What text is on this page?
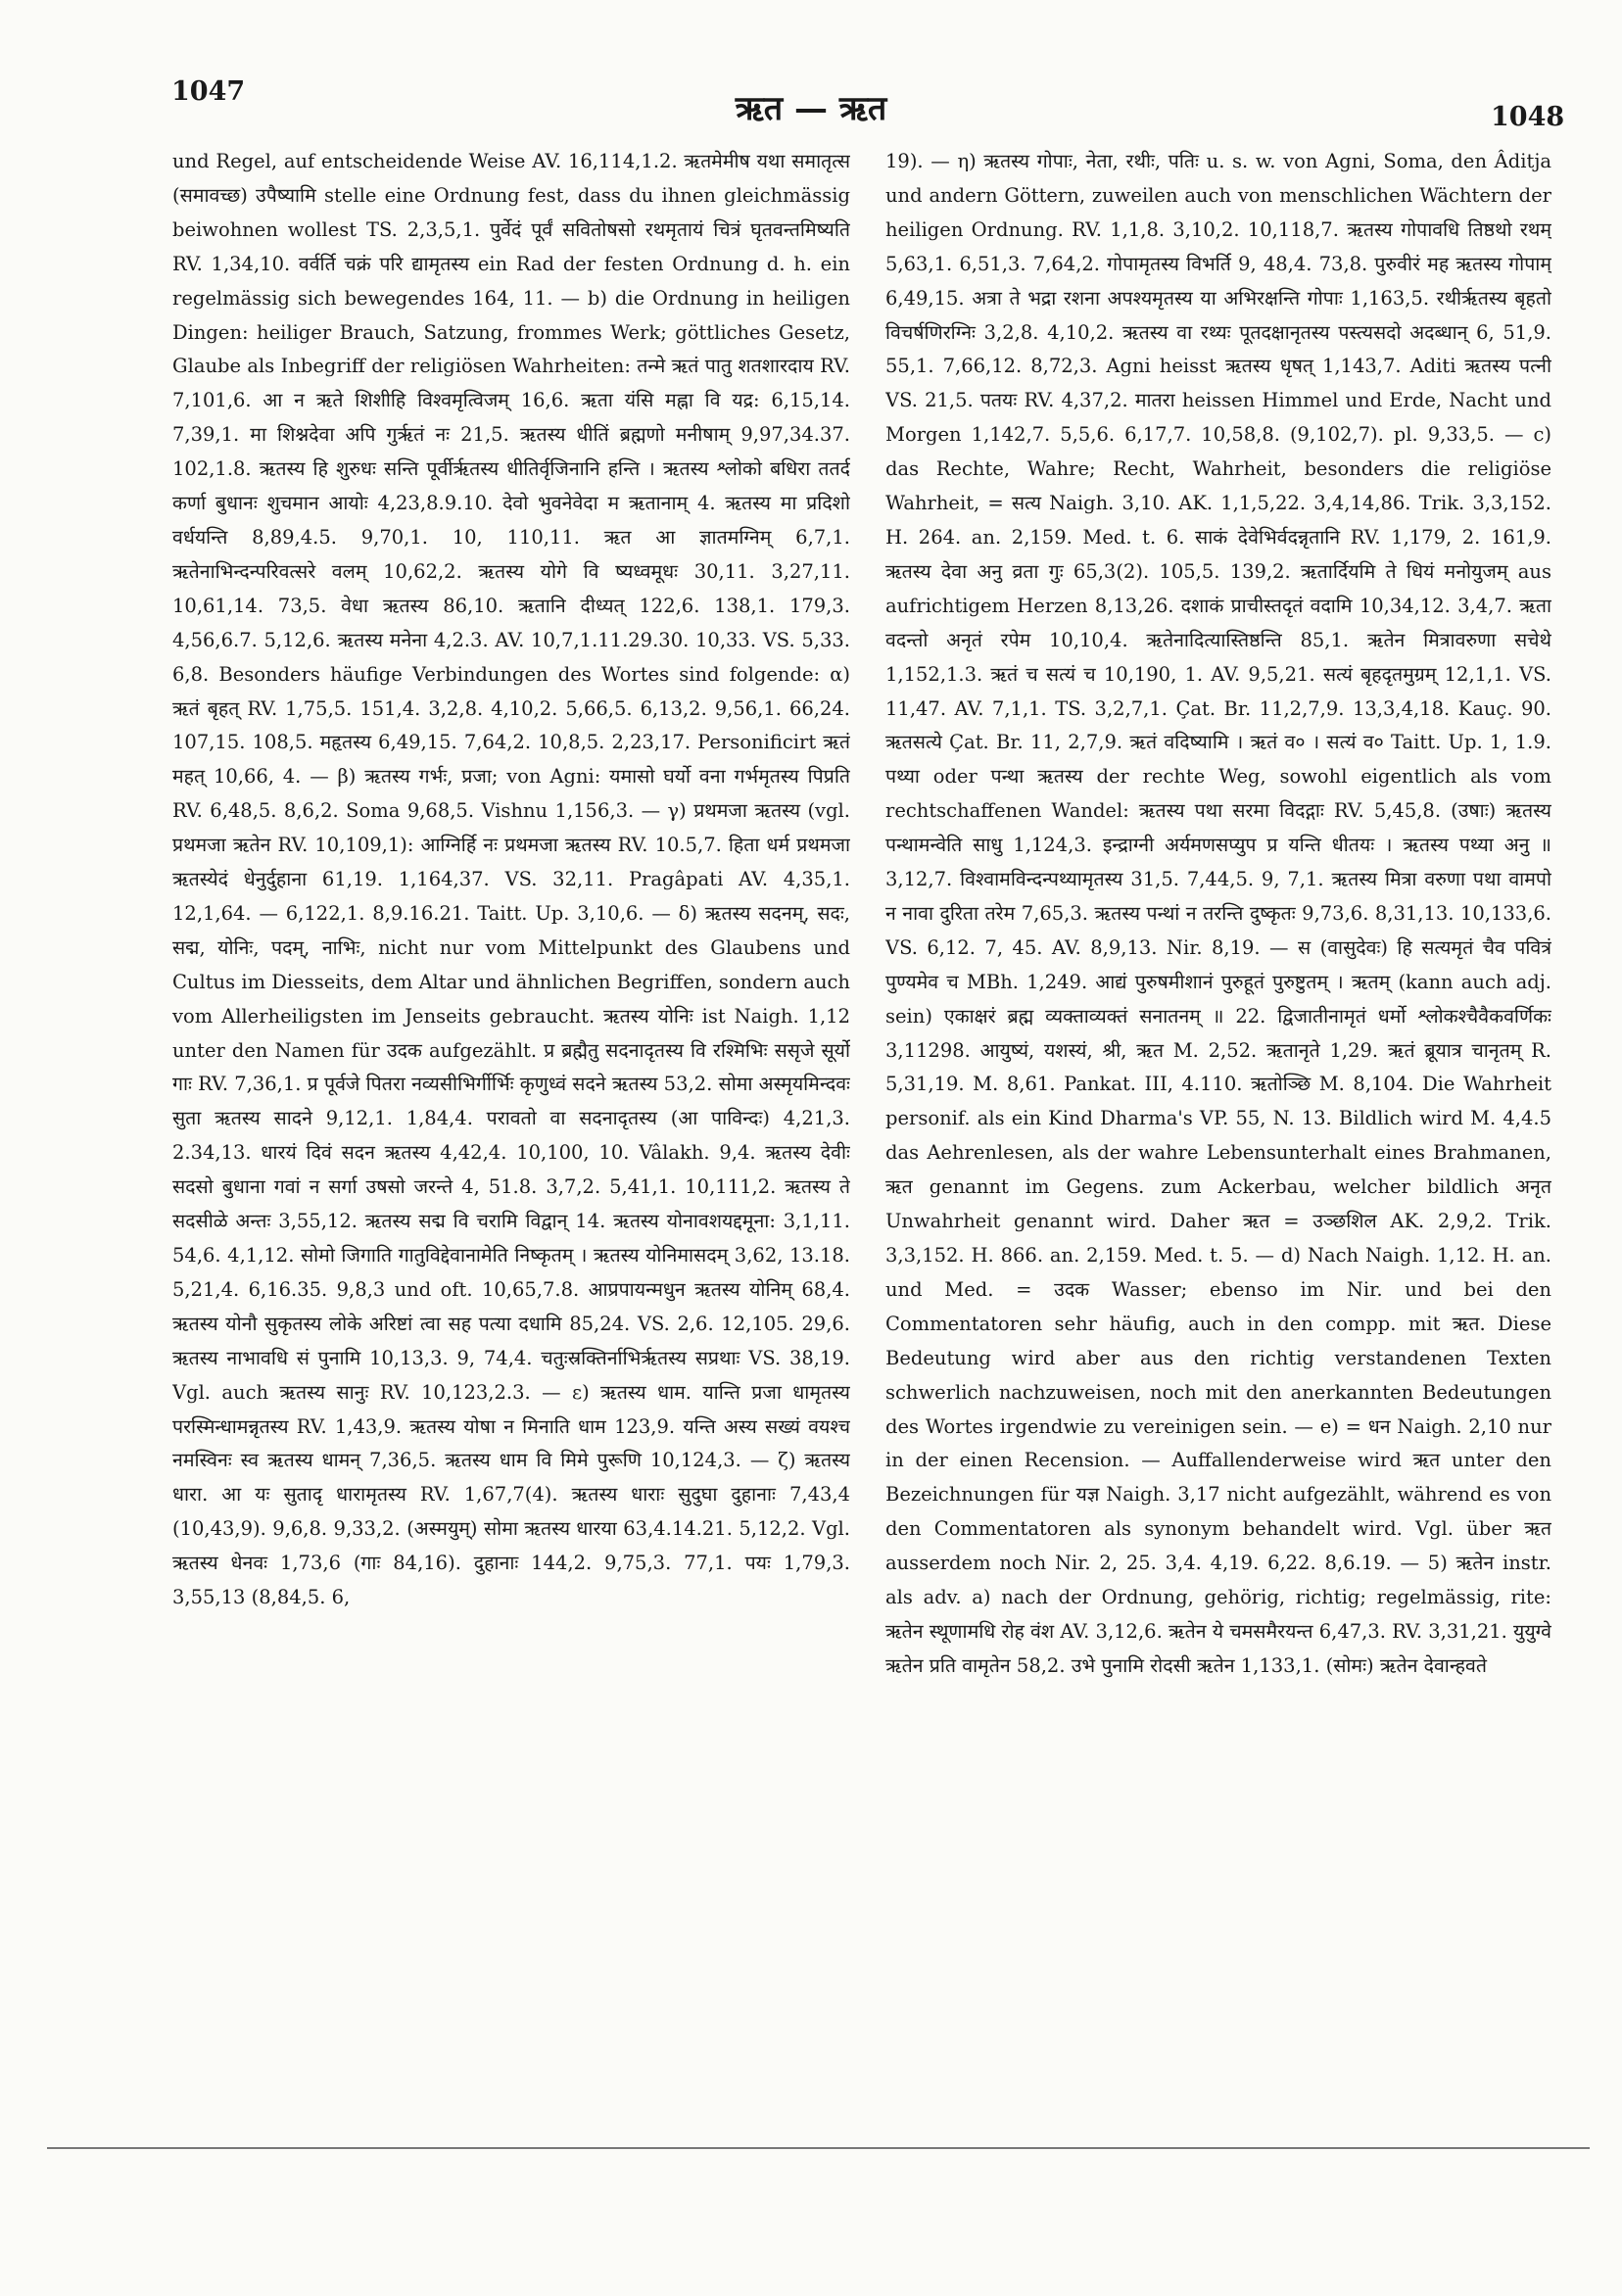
1047	ऋत — ऋत	1048

und Regel, auf entscheidende Weise AV. 16,114,1.2. ऋतमेमीष यथा समातृत्स (समावच्छ) उपैष्यामि stelle eine Ordnung fest, dass du ihnen gleichmässig beiwohnen wollest TS. 2,3,5,1. पुर्वेदं पूर्वं सवितोषसो रथमृतायं चित्रं घृतवन्तमिष्यति RV. 1,34,10. वर्वर्ति चक्रं परि द्यामृतस्य ein Rad der festen Ordnung d. h. ein regelmässig sich bewegendes 164, 11. — b) die Ordnung in heiligen Dingen: heiliger Brauch, Satzung, frommes Werk; göttliches Gesetz, Glaube als Inbegriff der religiösen Wahrheiten: तन्मे ऋतं पातु शतशारदाय RV. 7,101,6. आ न ऋते शिशीहि विश्वमृत्विजम् 16,6. ऋता यंसि मह्ना वि यद्र: 6,15,14. 7,39,1. मा शिश्नदेवा अपि गुर्ऋतं नः 21,5. ऋतस्य धीतिं ब्रह्मणो मनीषाम् 9,97,34.37. 102,1.8. ऋतस्य हि शुरुधः सन्ति पूर्वीर्ऋतस्य धीतिर्वृजिनानि हन्ति । ऋतस्य श्लोको बधिरा ततर्द कर्णा बुधानः शुचमान आयोः 4,23,8.9.10. देवो भुवनेवेदा म ऋतानाम् 4. ऋतस्य मा प्रदिशो वर्धयन्ति 8,89,4.5. 9,70,1. 10, 110,11. ऋत आ ज्ञातमग्निम् 6,7,1. ऋतेनाभिन्दन्परिवत्सरे वलम् 10,62,2. ऋतस्य योगे वि ष्यध्वमूधः 30,11. 3,27,11. 10,61,14. 73,5. वेधा ऋतस्य 86,10. ऋतानि दीध्यत् 122,6. 138,1. 179,3. 4,56,6.7. 5,12,6. ऋतस्य मनेना 4,2.3. AV. 10,7,1.11.29.30. 10,33. VS. 5,33. 6,8. Besonders häufige Verbindungen des Wortes sind folgende: α) ऋतं बृहत् RV. 1,75,5. 151,4. 3,2,8. 4,10,2. 5,66,5. 6,13,2. 9,56,1. 66,24. 107,15. 108,5. महृतस्य 6,49,15. 7,64,2. 10,8,5. 2,23,17. Personificirt ऋतं महत् 10,66, 4. — β) ऋतस्य गर्भः, प्रजा; von Agni: यमासो घर्यो वना गर्भमृतस्य पिप्रति RV. 6,48,5. 8,6,2. Soma 9,68,5. Vishnu 1,156,3. — γ) प्रथमजा ऋतस्य (vgl. प्रथमजा ऋतेन RV. 10,109,1): आग्निर्हि नः प्रथमजा ऋतस्य RV. 10.5,7. हिता धर्म प्रथमजा ऋतस्येदं धेनुर्दुहाना 61,19. 1,164,37. VS. 32,11. Pragâpati AV. 4,35,1. 12,1,64. — 6,122,1. 8,9.16.21. Taitt. Up. 3,10,6. — δ) ऋतस्य सदनम्, सदः, सद्म, योनिः, पदम्, नाभिः, nicht nur vom Mittelpunkt des Glaubens und Cultus im Diesseits, dem Altar und ähnlichen Begriffen, sondern auch vom Allerheiligsten im Jenseits gebraucht. ऋतस्य योनिः ist Naigh. 1,12 unter den Namen für उदक aufgezählt. प्र ब्रह्मैतु सदनादृतस्य वि रश्मिभिः ससृजे सूर्यो गाः RV. 7,36,1. प्र पूर्वजे पितरा नव्यसीभिर्गीर्भिः कृणुध्वं सदने ऋतस्य 53,2. सोमा अस्मृयमिन्दवः सुता ऋतस्य सादने 9,12,1. 1,84,4. परावतो वा सदनादृतस्य (आ पाविन्दः) 4,21,3. 2.34,13. धारयं दिवं सदन ऋतस्य 4,42,4. 10,100, 10. Vâlakh. 9,4. ऋतस्य देवीः सदसो बुधाना गवां न सर्गा उषसो जरन्ते 4, 51.8. 3,7,2. 5,41,1. 10,111,2. ऋतस्य ते सदसीळे अन्तः 3,55,12. ऋतस्य सद्म वि चरामि विद्वान् 14. ऋतस्य योनावशयद्दमूना: 3,1,11. 54,6. 4,1,12. सोमो जिगाति गातुविद्देवानामेति निष्कृतम् । ऋतस्य योनिमासदम् 3,62, 13.18. 5,21,4. 6,16.35. 9,8,3 und oft. 10,65,7.8. आप्रपायन्मधुन ऋतस्य योनिम् 68,4. ऋतस्य योनौ सुकृतस्य लोके अरिष्टां त्वा सह पत्या दधामि 85,24. VS. 2,6. 12,105. 29,6. ऋतस्य नाभावधि सं पुनामि 10,13,3. 9, 74,4. चतुःस्रक्तिर्नाभिर्ऋतस्य सप्रथाः VS. 38,19. Vgl. auch ऋतस्य सानुः RV. 10,123,2.3. — ε) ऋतस्य धाम. यान्ति प्रजा धामृतस्य परस्मिन्धामन्नृतस्य RV. 1,43,9. ऋतस्य योषा न मिनाति धाम 123,9. यन्ति अस्य सख्यं वयश्च नमस्विनः स्व ऋतस्य धामन् 7,36,5. ऋतस्य धाम वि मिमे पुरूणि 10,124,3. — ζ) ऋतस्य धारा. आ यः सुतादृ धारामृतस्य RV. 1,67,7(4). ऋतस्य धाराः सुदुघा दुहानाः 7,43,4 (10,43,9). 9,6,8. 9,33,2. (अस्मयुम्) सोमा ऋतस्य धारया 63,4.14.21. 5,12,2. Vgl. ऋतस्य धेनवः 1,73,6 (गाः 84,16). दुहानाः 144,2. 9,75,3. 77,1. पयः 1,79,3. 3,55,13 (8,84,5. 6,

19). — η) ऋतस्य गोपाः, नेता, रथीः, पतिः u. s. w. von Agni, Soma, den Âditja und andern Göttern, zuweilen auch von menschlichen Wächtern der heiligen Ordnung. RV. 1,1,8. 3,10,2. 10,118,7. ऋतस्य गोपावधि तिष्ठथो रथम् 5,63,1. 6,51,3. 7,64,2. गोपामृतस्य विभर्ति 9, 48,4. 73,8. पुरुवीरं मह ऋतस्य गोपाम् 6,49,15. अत्रा ते भद्रा रशना अपश्यमृतस्य या अभिरक्षन्ति गोपाः 1,163,5. रथीर्ऋतस्य बृहतो विचर्षणिरग्निः 3,2,8. 4,10,2. ऋतस्य वा रथ्यः पूतदक्षानृतस्य पस्त्यसदो अदब्धान् 6, 51,9. 55,1. 7,66,12. 8,72,3. Agni heisst ऋतस्य धृषत् 1,143,7. Aditi ऋतस्य पत्नी VS. 21,5. पतयः RV. 4,37,2. मातरा heissen Himmel und Erde, Nacht und Morgen 1,142,7. 5,5,6. 6,17,7. 10,58,8. (9,102,7). pl. 9,33,5. — c) das Rechte, Wahre; Recht, Wahrheit, besonders die religiöse Wahrheit, = सत्य Naigh. 3,10. AK. 1,1,5,22. 3,4,14,86. Trik. 3,3,152. H. 264. an. 2,159. Med. t. 6. साकं देवेभिर्वदन्नृतानि RV. 1,179, 2. 161,9. ऋतस्य देवा अनु व्रता गुः 65,3(2). 105,5. 139,2. ऋतार्दियमि ते धियं मनोयुजम् aus aufrichtigem Herzen 8,13,26. दशाकं प्राचीस्तदृतं वदामि 10,34,12. 3,4,7. ऋता वदन्तो अनृतं रपेम 10,10,4. ऋतेनादित्यास्तिष्ठन्ति 85,1. ऋतेन मित्रावरुणा सचेथे 1,152,1.3. ऋतं च सत्यं च 10,190, 1. AV. 9,5,21. सत्यं बृहदृतमुग्रम् 12,1,1. VS. 11,47. AV. 7,1,1. TS. 3,2,7,1. Çat. Br. 11,2,7,9. 13,3,4,18. Kauç. 90. ऋतसत्ये Çat. Br. 11, 2,7,9. ऋतं वदिष्यामि । ऋतं व० । सत्यं व० Taitt. Up. 1, 1.9. पथ्या oder पन्था ऋतस्य der rechte Weg, sowohl eigentlich als vom rechtschaffenen Wandel: ऋतस्य पथा सरमा विदद्गाः RV. 5,45,8. (उषाः) ऋतस्य पन्थामन्वेति साधु 1,124,3. इन्द्राग्नी अर्यमणसप्युप प्र यन्ति धीतयः । ऋतस्य पथ्या अनु ॥ 3,12,7. विश्वामविन्दन्पथ्यामृतस्य 31,5. 7,44,5. 9, 7,1. ऋतस्य मित्रा वरुणा पथा वामपो न नावा दुरिता तरेम 7,65,3. ऋतस्य पन्थां न तरन्ति दुष्कृतः 9,73,6. 8,31,13. 10,133,6. VS. 6,12. 7, 45. AV. 8,9,13. Nir. 8,19. — स (वासुदेवः) हि सत्यमृतं चैव पवित्रं पुण्यमेव च MBh. 1,249. आद्यं पुरुषमीशानं पुरुहूतं पुरुष्टुतम् । ऋतम् (kann auch adj. sein) एकाक्षरं ब्रह्म व्यक्ताव्यक्तं सनातनम् ॥ 22. द्विजातीनामृतं धर्मो श्लोकश्चैवैकवर्णिकः 3,11298. आयुष्यं, यशस्यं, श्री, ऋत M. 2,52. ऋतानृते 1,29. ऋतं ब्रूयात्र चानृतम् R. 5,31,19. M. 8,61. Pankat. III, 4.110. ऋतोञ्छि M. 8,104. Die Wahrheit personif. als ein Kind Dharma's VP. 55, N. 13. Bildlich wird M. 4,4.5 das Aehrenlesen, als der wahre Lebensunterhalt eines Brahmanen, ऋत genannt im Gegens. zum Ackerbau, welcher bildlich अनृत Unwahrheit genannt wird. Daher ऋत = उञ्छशिल AK. 2,9,2. Trik. 3,3,152. H. 866. an. 2,159. Med. t. 5. — d) Nach Naigh. 1,12. H. an. und Med. = उदक Wasser; ebenso im Nir. und bei den Commentatoren sehr häufig, auch in den compp. mit ऋत. Diese Bedeutung wird aber aus den richtig verstandenen Texten schwerlich nachzuweisen, noch mit den anerkannten Bedeutungen des Wortes irgendwie zu vereinigen sein. — e) = धन Naigh. 2,10 nur in der einen Recension. — Auffallenderweise wird ऋत unter den Bezeichnungen für यज्ञ Naigh. 3,17 nicht aufgezählt, während es von den Commentatoren als synonym behandelt wird. Vgl. über ऋत ausserdem noch Nir. 2, 25. 3,4. 4,19. 6,22. 8,6.19. — 5) ऋतेन instr. als adv. a) nach der Ordnung, gehörig, richtig; regelmässig, rite: ऋतेन स्थूणामधि रोह वंश AV. 3,12,6. ऋतेन ये चमसमैरयन्त 6,47,3. RV. 3,31,21. युयुग्वे ऋतेन प्रति वामृतेन 58,2. उभे पुनामि रोदसी ऋतेन 1,133,1. (सोमः) ऋतेन देवान्हवते
